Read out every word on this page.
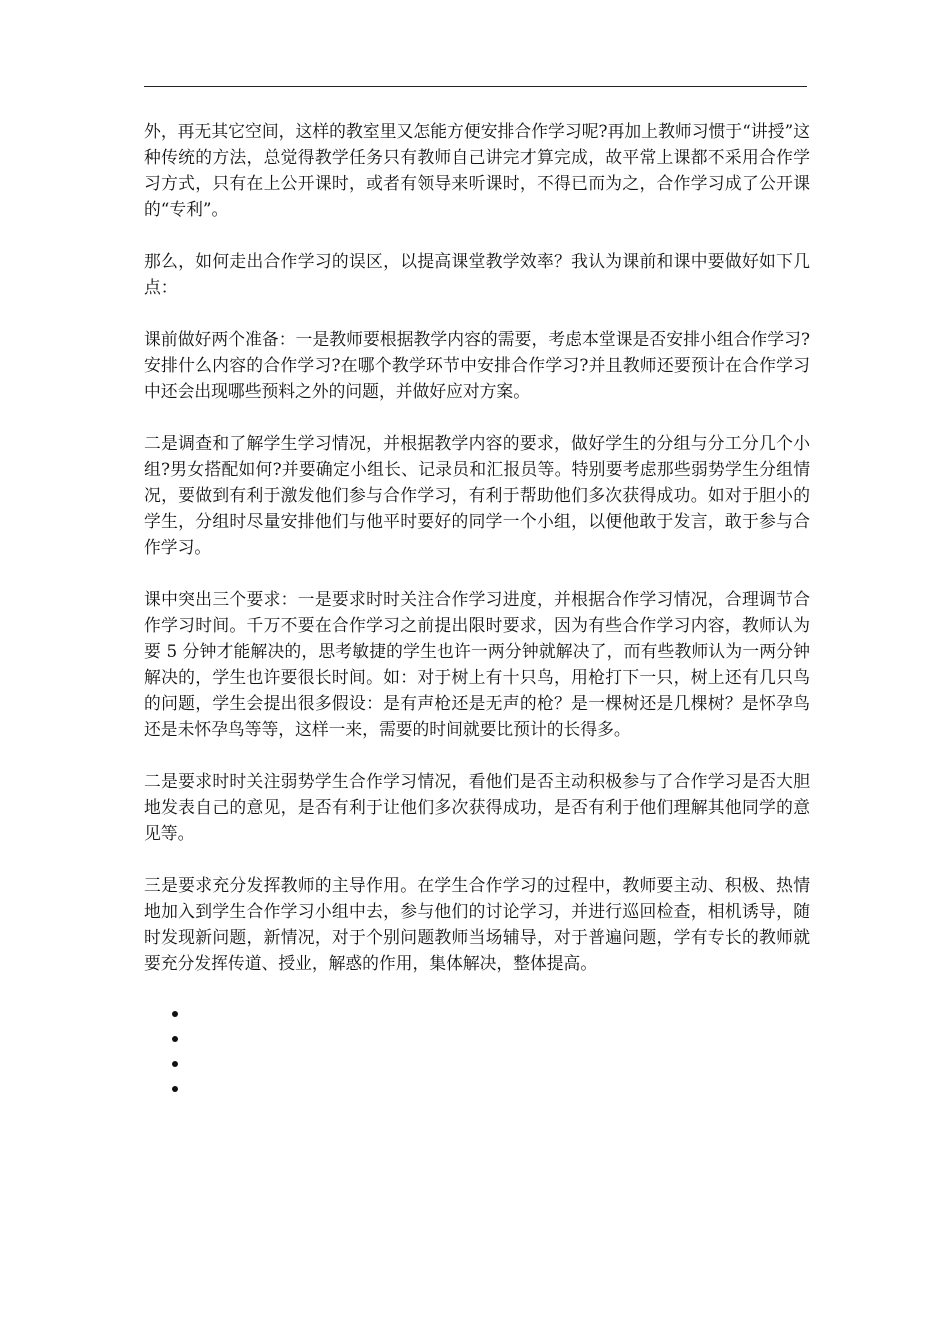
外，再无其它空间，这样的教室里又怎能方便安排合作学习呢?再加上教师习惯于“讲授”这种传统的方法，总觉得教学任务只有教师自己讲完才算完成，故平常上课都不采用合作学习方式，只有在上公开课时，或者有领导来听课时，不得已而为之，合作学习成了公开课的“专利”。

那么，如何走出合作学习的误区，以提高课堂教学效率？我认为课前和课中要做好如下几点：

课前做好两个准备：一是教师要根据教学内容的需要，考虑本堂课是否安排小组合作学习?安排什么内容的合作学习?在哪个教学环节中安排合作学习?并且教师还要预计在合作学习中还会出现哪些预料之外的问题，并做好应对方案。

二是调查和了解学生学习情况，并根据教学内容的要求，做好学生的分组与分工分几个小组?男女搭配如何?并要确定小组长、记录员和汇报员等。特别要考虑那些弱势学生分组情况，要做到有利于激发他们参与合作学习，有利于帮助他们多次获得成功。如对于胆小的学生，分组时尽量安排他们与他平时要好的同学一个小组，以便他敢于发言，敢于参与合作学习。

课中突出三个要求：一是要求时时关注合作学习进度，并根据合作学习情况，合理调节合作学习时间。千万不要在合作学习之前提出限时要求，因为有些合作学习内容，教师认为要 5 分钟才能解决的，思考敏捷的学生也许一两分钟就解决了，而有些教师认为一两分钟解决的，学生也许要很长时间。如：对于树上有十只鸟，用枪打下一只，树上还有几只鸟的问题，学生会提出很多假设：是有声枪还是无声的枪？是一棵树还是几棵树？是怀孕鸟还是未怀孕鸟等等，这样一来，需要的时间就要比预计的长得多。

二是要求时时关注弱势学生合作学习情况，看他们是否主动积极参与了合作学习是否大胆地发表自己的意见，是否有利于让他们多次获得成功，是否有利于他们理解其他同学的意见等。

三是要求充分发挥教师的主导作用。在学生合作学习的过程中，教师要主动、积极、热情地加入到学生合作学习小组中去，参与他们的讨论学习，并进行巡回检查，相机诱导，随时发现新问题，新情况，对于个别问题教师当场辅导，对于普遍问题，学有专长的教师就要充分发挥传道、授业，解惑的作用，集体解决，整体提高。
